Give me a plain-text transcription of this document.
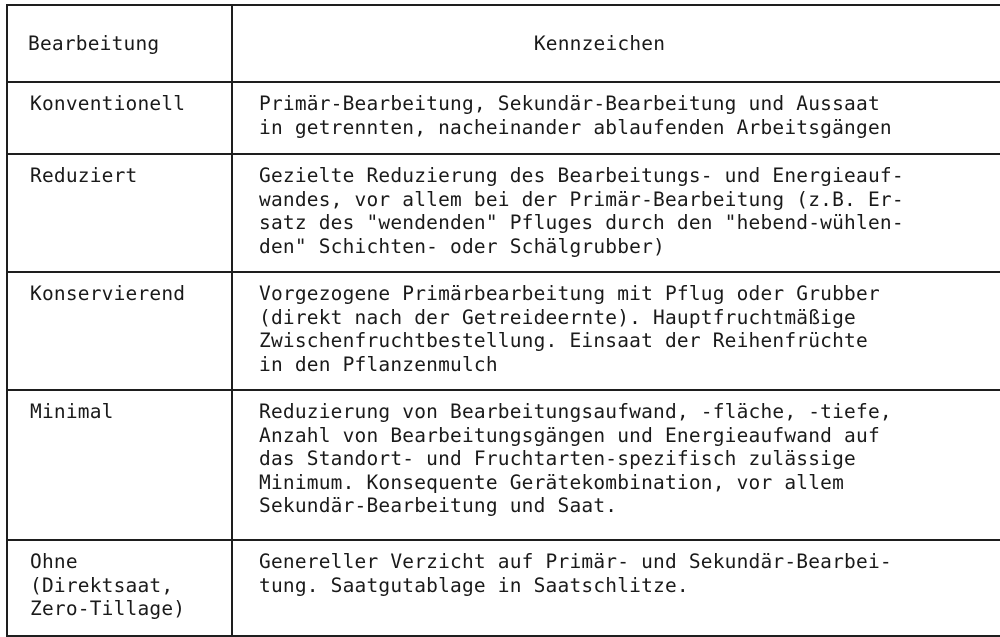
Bearbeitung	Kennzeichen

Konventionell	Primär-Bearbeitung, Sekundär-Bearbeitung und Aussaat
in getrennten, nacheinander ablaufenden Arbeitsgängen

Reduziert	Gezielte Reduzierung des Bearbeitungs- und Energieauf-
wandes, vor allem bei der Primär-Bearbeitung (z.B. Er-
satz des "wendenden" Pfluges durch den "hebend-wühlen-
den" Schichten- oder Schälgrubber)

Konservierend	Vorgezogene Primärbearbeitung mit Pflug oder Grubber
(direkt nach der Getreideernte). Hauptfruchtmäßige
Zwischenfruchtbestellung. Einsaat der Reihenfrüchte
in den Pflanzenmulch

Minimal	Reduzierung von Bearbeitungsaufwand, -fläche, -tiefe,
Anzahl von Bearbeitungsgängen und Energieaufwand auf
das Standort- und Fruchtarten-spezifisch zulässige
Minimum. Konsequente Gerätekombination, vor allem
Sekundär-Bearbeitung und Saat.

Ohne
(Direktsaat,
Zero-Tillage)	Genereller Verzicht auf Primär- und Sekundär-Bearbei-
tung. Saatgutablage in Saatschlitze.
